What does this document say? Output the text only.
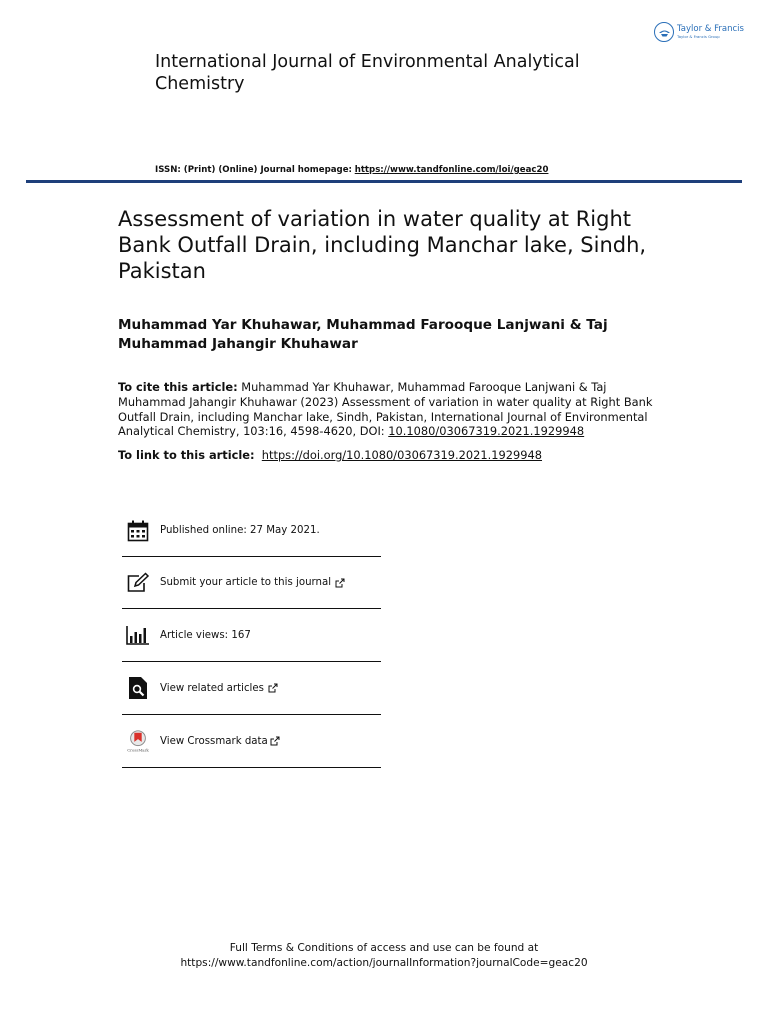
Taylor & Francis
Taylor & Francis Group
International Journal of Environmental Analytical Chemistry
ISSN: (Print) (Online) Journal homepage: https://www.tandfonline.com/loi/geac20
Assessment of variation in water quality at Right Bank Outfall Drain, including Manchar lake, Sindh, Pakistan
Muhammad Yar Khuhawar, Muhammad Farooque Lanjwani & Taj Muhammad Jahangir Khuhawar
To cite this article: Muhammad Yar Khuhawar, Muhammad Farooque Lanjwani & Taj Muhammad Jahangir Khuhawar (2023) Assessment of variation in water quality at Right Bank Outfall Drain, including Manchar lake, Sindh, Pakistan, International Journal of Environmental Analytical Chemistry, 103:16, 4598-4620, DOI: 10.1080/03067319.2021.1929948
To link to this article: https://doi.org/10.1080/03067319.2021.1929948
Published online: 27 May 2021.
Submit your article to this journal
Article views: 167
View related articles
CrossMark
View Crossmark data
Full Terms & Conditions of access and use can be found at
https://www.tandfonline.com/action/journalInformation?journalCode=geac20
